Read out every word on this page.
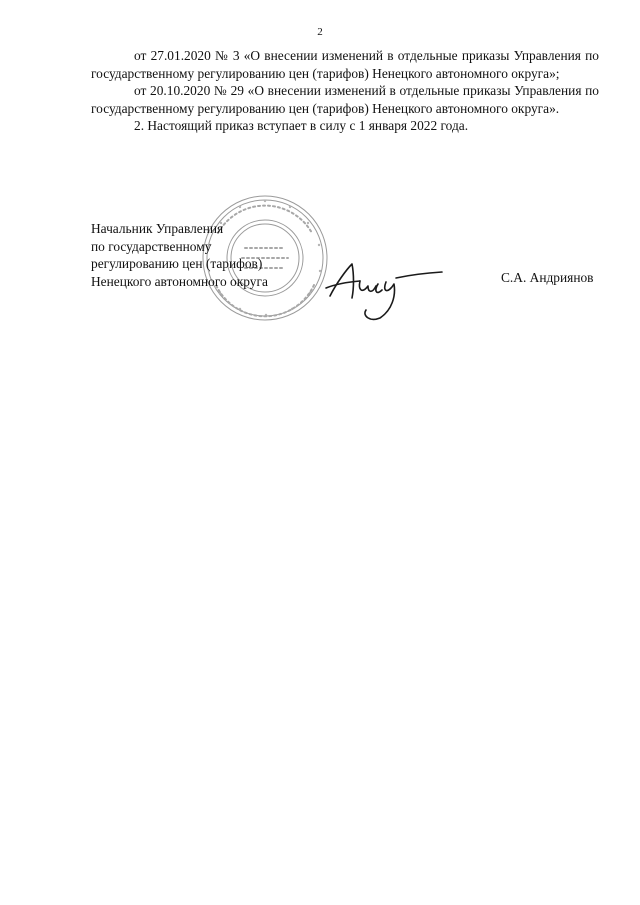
2

от 27.01.2020 № 3 «О внесении изменений в отдельные приказы Управления по государственному регулированию цен (тарифов) Ненецкого автономного округа»;

от 20.10.2020 № 29 «О внесении изменений в отдельные приказы Управления по государственному регулированию цен (тарифов) Ненецкого автономного округа».

2. Настоящий приказ вступает в силу с 1 января 2022 года.

Начальник Управления
по государственному
регулированию цен (тарифов)
Ненецкого автономного округа	С.А. Андриянов
